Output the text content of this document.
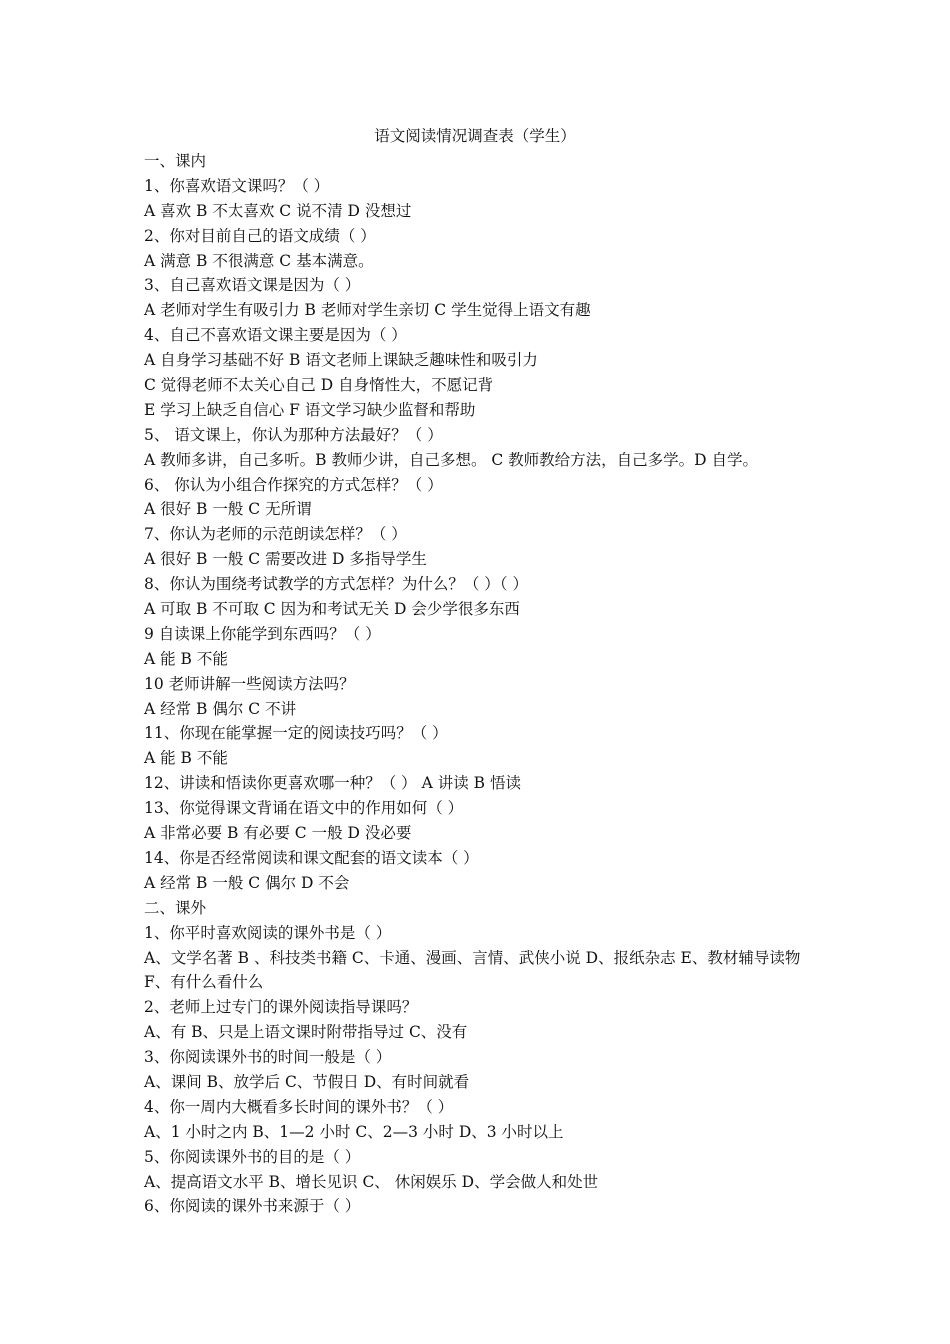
语文阅读情况调查表（学生）
一、课内
1、你喜欢语文课吗？（ ）
A 喜欢 B 不太喜欢 C 说不清 D 没想过
2、你对目前自己的语文成绩（ ）
A 满意 B 不很满意 C 基本满意。
3、自己喜欢语文课是因为（ ）
A 老师对学生有吸引力 B 老师对学生亲切 C 学生觉得上语文有趣
4、自己不喜欢语文课主要是因为（ ）
A 自身学习基础不好 B 语文老师上课缺乏趣味性和吸引力
C 觉得老师不太关心自己 D 自身惰性大，不愿记背
E 学习上缺乏自信心 F 语文学习缺少监督和帮助
5、 语文课上，你认为那种方法最好？（ ）
A 教师多讲，自己多听。B 教师少讲，自己多想。 C 教师教给方法，自己多学。D 自学。
6、 你认为小组合作探究的方式怎样？（ ）
A 很好 B 一般 C 无所谓
7、你认为老师的示范朗读怎样？（ ）
A 很好 B 一般 C 需要改进 D 多指导学生
8、你认为围绕考试教学的方式怎样？为什么？（ ）（ ）
A 可取 B 不可取 C 因为和考试无关 D 会少学很多东西
9 自读课上你能学到东西吗？（ ）
A 能 B 不能
10 老师讲解一些阅读方法吗？
A 经常 B 偶尔 C 不讲
11、你现在能掌握一定的阅读技巧吗？（ ）
A 能 B 不能
12、讲读和悟读你更喜欢哪一种？（ ） A 讲读 B 悟读
13、你觉得课文背诵在语文中的作用如何（ ）
A 非常必要 B 有必要 C 一般 D 没必要
14、你是否经常阅读和课文配套的语文读本（ ）
A 经常 B 一般 C 偶尔 D 不会
二、课外
1、你平时喜欢阅读的课外书是（ ）
A、文学名著 B 、科技类书籍 C、卡通、漫画、言情、武侠小说 D、报纸杂志 E、教材辅导读物
F、有什么看什么
2、老师上过专门的课外阅读指导课吗？
A、有 B、只是上语文课时附带指导过 C、没有
3、你阅读课外书的时间一般是（ ）
A、课间 B、放学后 C、节假日 D、有时间就看
4、你一周内大概看多长时间的课外书？（ ）
A、1 小时之内 B、1—2 小时 C、2—3 小时 D、3 小时以上
5、你阅读课外书的目的是（ ）
A、提高语文水平 B、增长见识 C、 休闲娱乐 D、学会做人和处世
6、你阅读的课外书来源于（ ）
